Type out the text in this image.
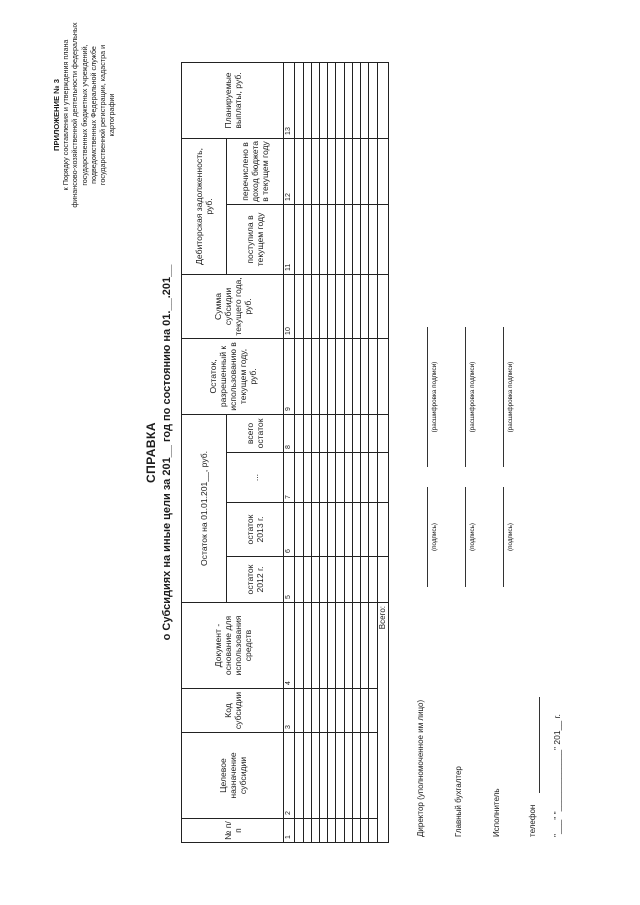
ПРИЛОЖЕНИЕ № 3 к Порядку составления и утверждения плана финансово-хозяйственной деятельности федеральных государственных бюджетных учреждений, подведомственных Федеральной службе государственной регистрации, кадастра и картографии
СПРАВКА о Субсидиях на иные цели за 201__ год по состоянию на 01.__.201__
№ п/п	Целевое назначение субсидии	Код субсидии	Документ - основание для использования средств	Остаток на 01.01.201__, руб.				Остаток, разрешенный к использованию в текущем году, руб.	Сумма субсидии текущего года, руб.	Дебиторская задолженность, руб.		Планируемые выплаты, руб.
				остаток 2012 г.	остаток 2013 г.	...	всего остаток			поступила в текущем году	перечислено в доход бюджета в текущем году	
1	2	3	4	5	6	7	8	9	10	11	12	13

Всего:												
Директор (уполномоченное им лицо)
(подпись)
(расшифровка подписи)
Главный бухгалтер
(подпись)
(расшифровка подписи)
Исполнитель
(подпись)
(расшифровка подписи)
телефон "___" "_____________" 201__ г.
